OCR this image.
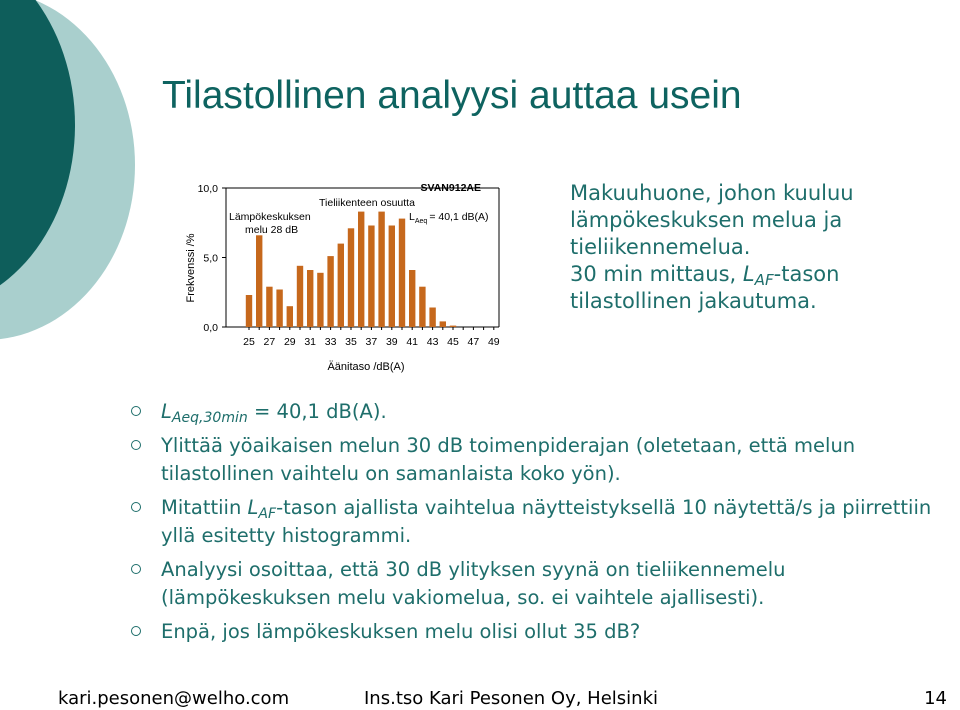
Tilastollinen analyysi auttaa usein
0,0
5,0
10,0
25 27 29 31 33 35 37 39 41 43 45 47 49
SVAN912AE
Tieliikenteen osuutta
Lämpökeskuksen
melu 28 dB
$L_{Aeq} = 40,1$ dB(A)
Frekvenssi /%
Äänitaso /dB(A)

Makuuhuone, johon kuuluu

lämpökeskuksen melua ja

tieliikennemelua.

30 min mittaus, $L_{AF}$-tason

tilastollinen jakautuma.

$L_{Aeq,30min} = 40,1$ dB(A).
Ylittää yöaikaisen melun 30 dB toimenpiderajan (oletetaan, että melun tilastollinen vaihtelu on samanlaista koko yön).
Mitattiin $L_{AF}$-tason ajallista vaihtelua näytteistyksellä 10 näytettä/s ja piirrettiin yllä esitetty histogrammi.
Analyysi osoittaa, että 30 dB ylityksen syynä on tieliikennemelu (lämpökeskuksen melu vakiomelua, so. ei vaihtele ajallisesti).
Enpä, jos lämpökeskuksen melu olisi ollut 35 dB?
kari.pesonen@welho.com	Ins.tso Kari Pesonen Oy, Helsinki	14
